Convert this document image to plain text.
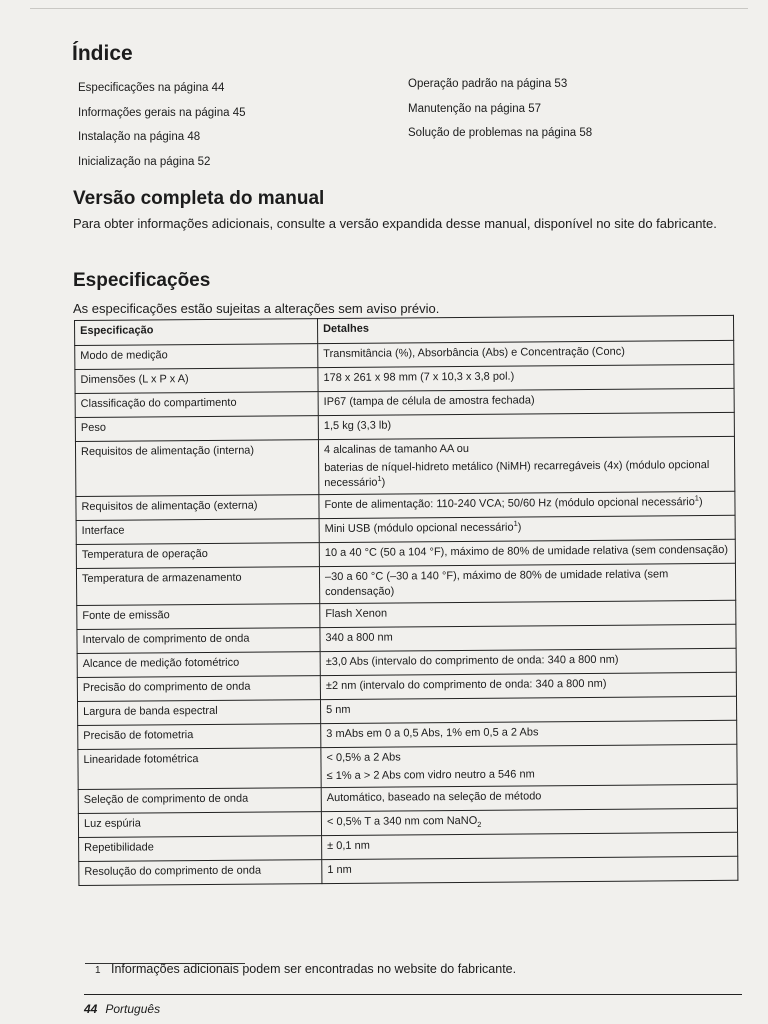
Índice
Especificações na página 44
Informações gerais na página 45
Instalação na página 48
Inicialização na página 52
Operação padrão na página 53
Manutenção na página 57
Solução de problemas na página 58
Versão completa do manual
Para obter informações adicionais, consulte a versão expandida desse manual, disponível no site do fabricante.
Especificações
As especificações estão sujeitas a alterações sem aviso prévio.
Especificação	Detalhes
Modo de medição	Transmitância (%), Absorbância (Abs) e Concentração (Conc)

Dimensões (L x P x A)	178 x 261 x 98 mm (7 x 10,3 x 3,8 pol.)

Classificação do compartimento	IP67 (tampa de célula de amostra fechada)

Peso	1,5 kg (3,3 lb)

Requisitos de alimentação (interna)	4 alcalinas de tamanho AA ou
baterias de níquel-hidreto metálico (NiMH) recarregáveis (4x) (módulo opcional necessário$^1$)

Requisitos de alimentação (externa)	Fonte de alimentação: 110-240 VCA; 50/60 Hz (módulo opcional necessário$^1$)

Interface	Mini USB (módulo opcional necessário$^1$)

Temperatura de operação	10 a 40 °C (50 a 104 °F), máximo de 80% de umidade relativa (sem condensação)

Temperatura de armazenamento	–30 a 60 °C (–30 a 140 °F), máximo de 80% de umidade relativa (sem condensação)

Fonte de emissão	Flash Xenon

Intervalo de comprimento de onda	340 a 800 nm

Alcance de medição fotométrico	±3,0 Abs (intervalo do comprimento de onda: 340 a 800 nm)

Precisão do comprimento de onda	±2 nm (intervalo do comprimento de onda: 340 a 800 nm)

Largura de banda espectral	5 nm

Precisão de fotometria	3 mAbs em 0 a 0,5 Abs, 1% em 0,5 a 2 Abs

Linearidade fotométrica	< 0,5% a 2 Abs
≤ 1% a > 2 Abs com vidro neutro a 546 nm

Seleção de comprimento de onda	Automático, baseado na seleção de método

Luz espúria	< 0,5% T a 340 nm com NaNO$_2$

Repetibilidade	± 0,1 nm

Resolução do comprimento de onda	1 nm
1 Informações adicionais podem ser encontradas no website do fabricante.
44 Português
